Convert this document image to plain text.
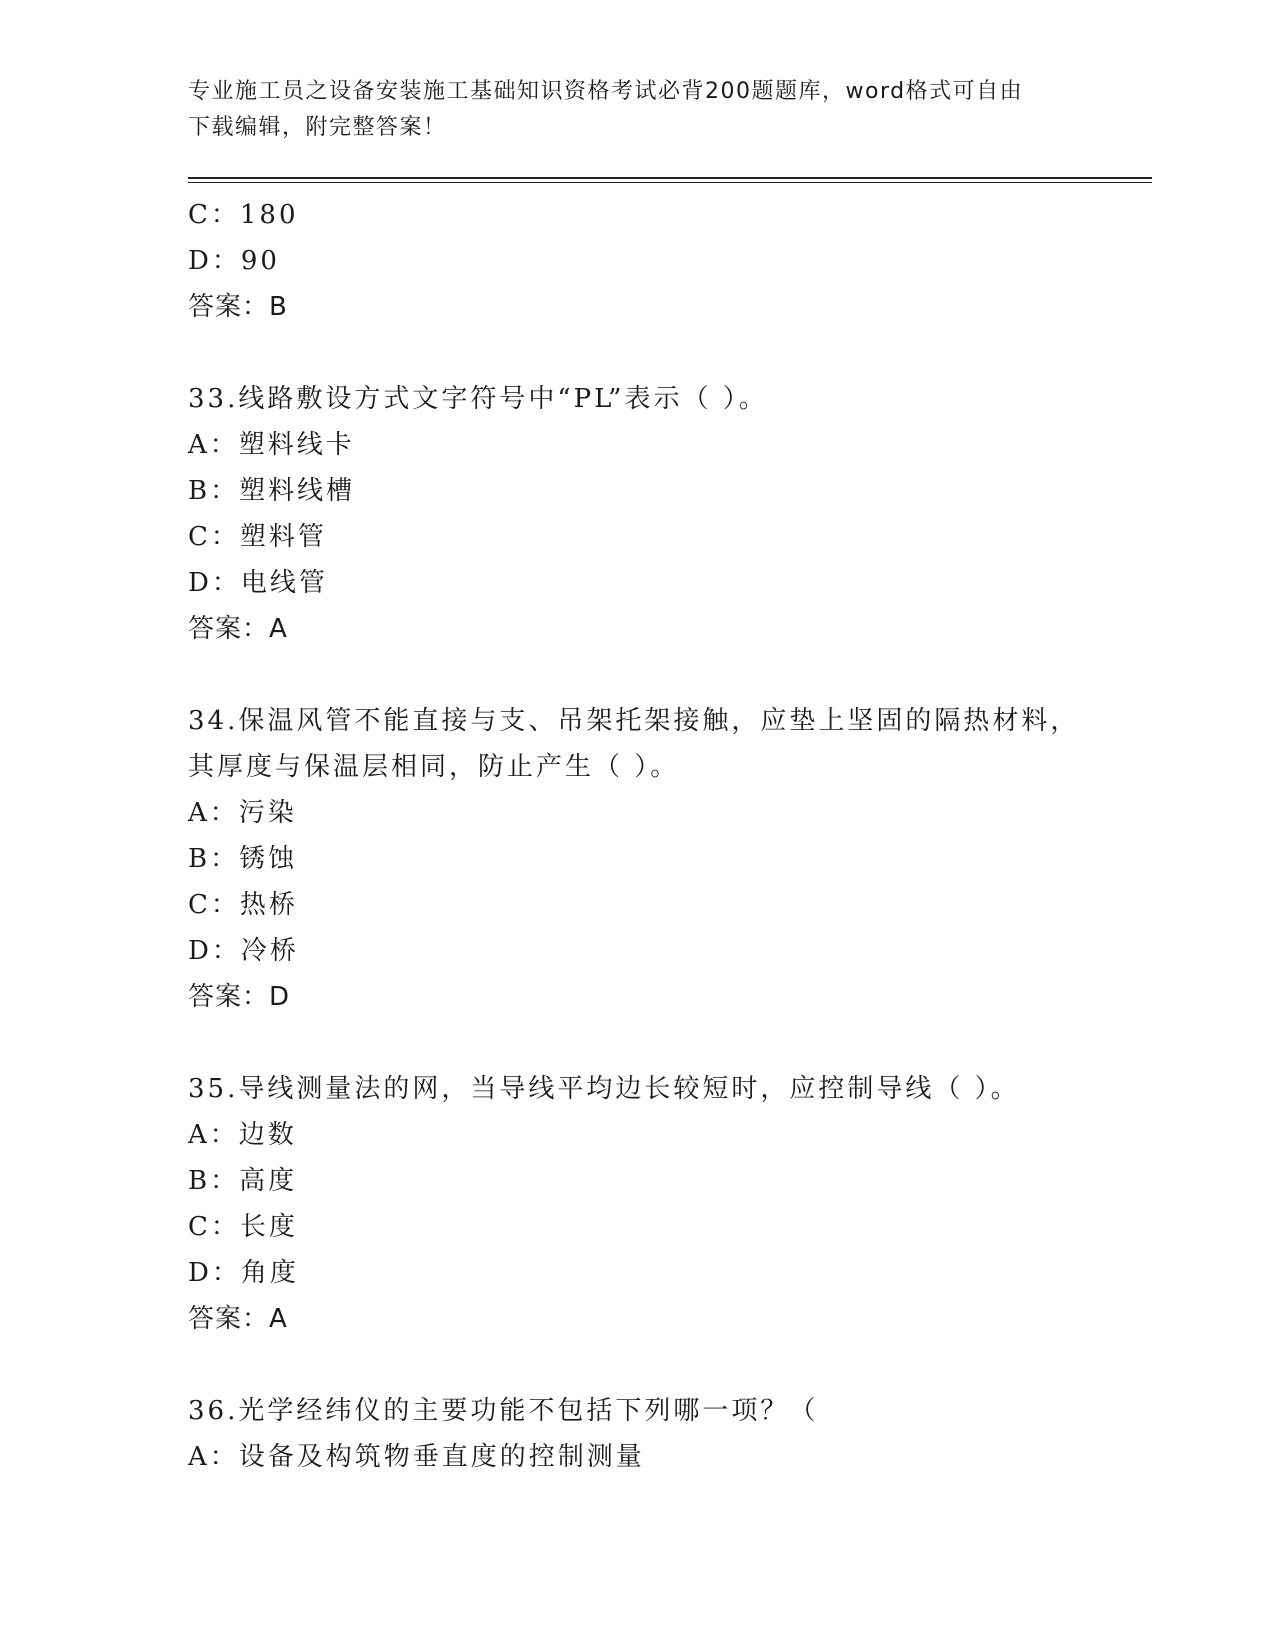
专业施工员之设备安装施工基础知识资格考试必背200题题库，word格式可自由
下载编辑，附完整答案！
C：180
D：90
答案：B
33.线路敷设方式文字符号中“PL”表示（ ）。
A：塑料线卡
B：塑料线槽
C：塑料管
D：电线管
答案：A
34.保温风管不能直接与支、吊架托架接触，应垫上坚固的隔热材料，
其厚度与保温层相同，防止产生（ ）。
A：污染
B：锈蚀
C：热桥
D：冷桥
答案：D
35.导线测量法的网，当导线平均边长较短时，应控制导线（ ）。
A：边数
B：高度
C：长度
D：角度
答案：A
36.光学经纬仪的主要功能不包括下列哪一项？（
A：设备及构筑物垂直度的控制测量
